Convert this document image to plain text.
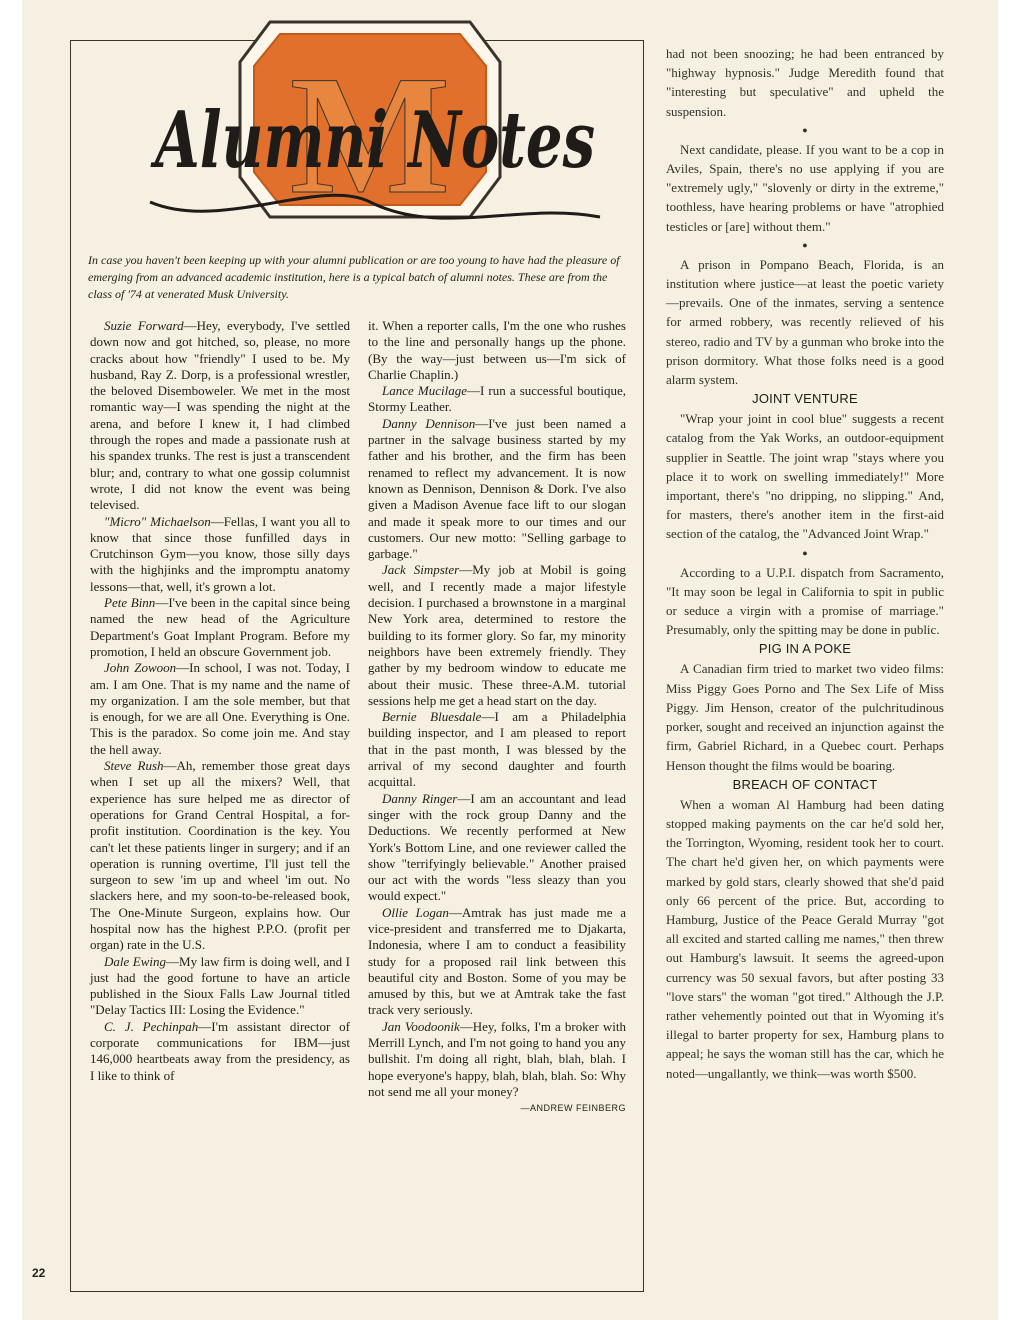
M
Alumni Notes

In case you haven't been keeping up with your alumni publication or are too young to have had the pleasure of emerging from an advanced academic institution, here is a typical batch of alumni notes. These are from the class of '74 at venerated Musk University.

Suzie Forward—Hey, everybody, I've settled down now and got hitched, so, please, no more cracks about how "friendly" I used to be. My husband, Ray Z. Dorp, is a professional wrestler, the beloved Disemboweler. We met in the most romantic way—I was spending the night at the arena, and before I knew it, I had climbed through the ropes and made a passionate rush at his spandex trunks. The rest is just a transcendent blur; and, contrary to what one gossip columnist wrote, I did not know the event was being televised.

"Micro" Michaelson—Fellas, I want you all to know that since those funfilled days in Crutchinson Gym—you know, those silly days with the highjinks and the impromptu anatomy lessons—that, well, it's grown a lot.

Pete Binn—I've been in the capital since being named the new head of the Agriculture Department's Goat Implant Program. Before my promotion, I held an obscure Government job.

John Zowoon—In school, I was not. Today, I am. I am One. That is my name and the name of my organization. I am the sole member, but that is enough, for we are all One. Everything is One. This is the paradox. So come join me. And stay the hell away.

Steve Rush—Ah, remember those great days when I set up all the mixers? Well, that experience has sure helped me as director of operations for Grand Central Hospital, a for-profit institution. Coordination is the key. You can't let these patients linger in surgery; and if an operation is running overtime, I'll just tell the surgeon to sew 'im up and wheel 'im out. No slackers here, and my soon-to-be-released book, The One-Minute Surgeon, explains how. Our hospital now has the highest P.P.O. (profit per organ) rate in the U.S.

Dale Ewing—My law firm is doing well, and I just had the good fortune to have an article published in the Sioux Falls Law Journal titled "Delay Tactics III: Losing the Evidence."

C. J. Pechinpah—I'm assistant director of corporate communications for IBM—just 146,000 heartbeats away from the presidency, as I like to think of

it. When a reporter calls, I'm the one who rushes to the line and personally hangs up the phone. (By the way—just between us—I'm sick of Charlie Chaplin.)

Lance Mucilage—I run a successful boutique, Stormy Leather.

Danny Dennison—I've just been named a partner in the salvage business started by my father and his brother, and the firm has been renamed to reflect my advancement. It is now known as Dennison, Dennison & Dork. I've also given a Madison Avenue face lift to our slogan and made it speak more to our times and our customers. Our new motto: "Selling garbage to garbage."

Jack Simpster—My job at Mobil is going well, and I recently made a major lifestyle decision. I purchased a brownstone in a marginal New York area, determined to restore the building to its former glory. So far, my minority neighbors have been extremely friendly. They gather by my bedroom window to educate me about their music. These three-A.M. tutorial sessions help me get a head start on the day.

Bernie Bluesdale—I am a Philadelphia building inspector, and I am pleased to report that in the past month, I was blessed by the arrival of my second daughter and fourth acquittal.

Danny Ringer—I am an accountant and lead singer with the rock group Danny and the Deductions. We recently performed at New York's Bottom Line, and one reviewer called the show "terrifyingly believable." Another praised our act with the words "less sleazy than you would expect."

Ollie Logan—Amtrak has just made me a vice-president and transferred me to Djakarta, Indonesia, where I am to conduct a feasibility study for a proposed rail link between this beautiful city and Boston. Some of you may be amused by this, but we at Amtrak take the fast track very seriously.

Jan Voodoonik—Hey, folks, I'm a broker with Merrill Lynch, and I'm not going to hand you any bullshit. I'm doing all right, blah, blah, blah. I hope everyone's happy, blah, blah, blah. So: Why not send me all your money?

—ANDREW FEINBERG

had not been snoozing; he had been entranced by "highway hypnosis." Judge Meredith found that "interesting but speculative" and upheld the suspension.

●

Next candidate, please. If you want to be a cop in Aviles, Spain, there's no use applying if you are "extremely ugly," "slovenly or dirty in the extreme," toothless, have hearing problems or have "atrophied testicles or [are] without them."

●

A prison in Pompano Beach, Florida, is an institution where justice—at least the poetic variety—prevails. One of the inmates, serving a sentence for armed robbery, was recently relieved of his stereo, radio and TV by a gunman who broke into the prison dormitory. What those folks need is a good alarm system.

JOINT VENTURE

"Wrap your joint in cool blue" suggests a recent catalog from the Yak Works, an outdoor-equipment supplier in Seattle. The joint wrap "stays where you place it to work on swelling immediately!" More important, there's "no dripping, no slipping." And, for masters, there's another item in the first-aid section of the catalog, the "Advanced Joint Wrap."

●

According to a U.P.I. dispatch from Sacramento, "It may soon be legal in California to spit in public or seduce a virgin with a promise of marriage." Presumably, only the spitting may be done in public.

PIG IN A POKE

A Canadian firm tried to market two video films: Miss Piggy Goes Porno and The Sex Life of Miss Piggy. Jim Henson, creator of the pulchritudinous porker, sought and received an injunction against the firm, Gabriel Richard, in a Quebec court. Perhaps Henson thought the films would be boaring.

BREACH OF CONTACT

When a woman Al Hamburg had been dating stopped making payments on the car he'd sold her, the Torrington, Wyoming, resident took her to court. The chart he'd given her, on which payments were marked by gold stars, clearly showed that she'd paid only 66 percent of the price. But, according to Hamburg, Justice of the Peace Gerald Murray "got all excited and started calling me names," then threw out Hamburg's lawsuit. It seems the agreed-upon currency was 50 sexual favors, but after posting 33 "love stars" the woman "got tired." Although the J.P. rather vehemently pointed out that in Wyoming it's illegal to barter property for sex, Hamburg plans to appeal; he says the woman still has the car, which he noted—ungallantly, we think—was worth $500.

22
